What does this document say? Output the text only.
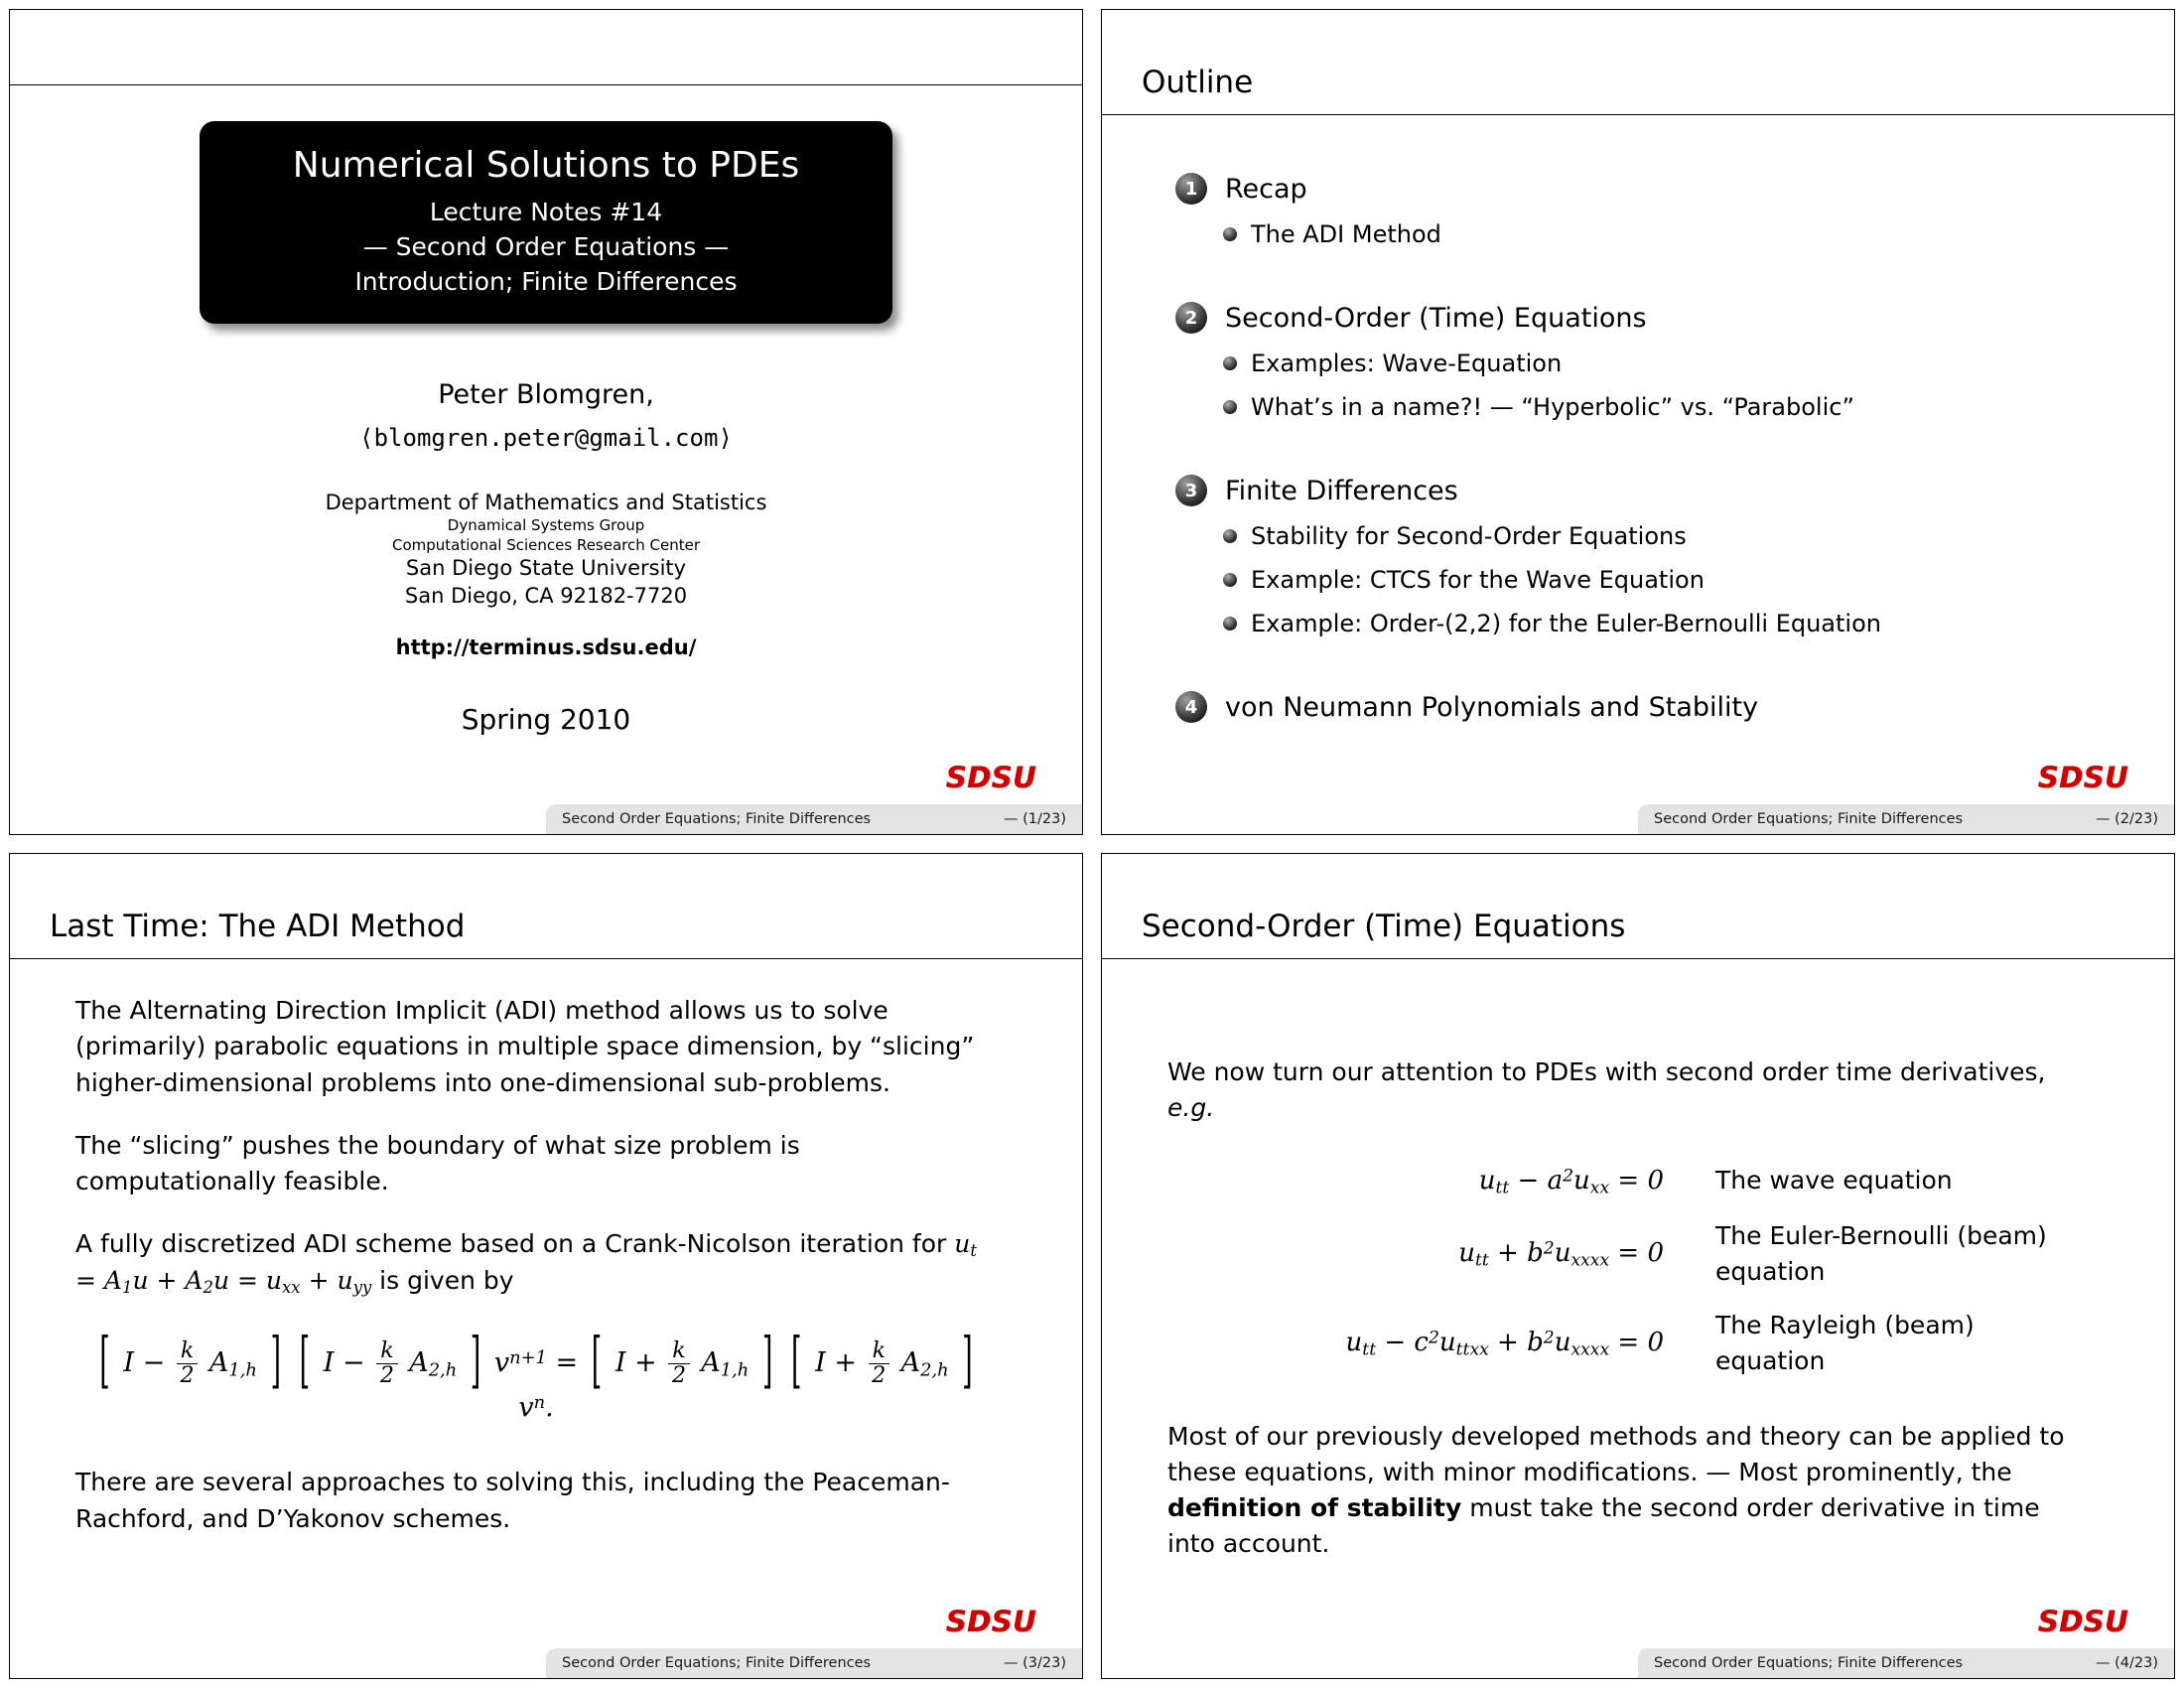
Numerical Solutions to PDEs
Lecture Notes #14
— Second Order Equations —
Introduction; Finite Differences
Peter Blomgren,
⟨blomgren.peter@gmail.com⟩
Department of Mathematics and Statistics
Dynamical Systems Group
Computational Sciences Research Center
San Diego State University
San Diego, CA 92182-7720
http://terminus.sdsu.edu/
Spring 2010
SDSU
Second Order Equations; Finite Differences	— (1/23)
Outline
1	Recap
The ADI Method
2	Second-Order (Time) Equations
Examples: Wave-Equation
What’s in a name?! — “Hyperbolic” vs. “Parabolic”
3	Finite Differences
Stability for Second-Order Equations
Example: CTCS for the Wave Equation
Example: Order-(2,2) for the Euler-Bernoulli Equation
4	von Neumann Polynomials and Stability
SDSU
Second Order Equations; Finite Differences	— (2/23)
Last Time: The ADI Method

The Alternating Direction Implicit (ADI) method allows us to solve (primarily) parabolic equations in multiple space dimension, by “slicing” higher-dimensional problems into one-dimensional sub-problems.

The “slicing” pushes the boundary of what size problem is computationally feasible.

A fully discretized ADI scheme based on a Crank-Nicolson iteration for $u_t = A_1u + A_2u = u_{xx} + u_{yy}$ is given by

[ $I - \frac{k}{2} A_{1,h}$ ] [ $I - \frac{k}{2} A_{2,h}$ ] $v^{n+1}$ = [ $I + \frac{k}{2} A_{1,h}$ ] [ $I + \frac{k}{2} A_{2,h}$ ] $v^n$.

There are several approaches to solving this, including the Peaceman-Rachford, and D’Yakonov schemes.

SDSU
Second Order Equations; Finite Differences	— (3/23)
Second-Order (Time) Equations

We now turn our attention to PDEs with second order time derivatives, e.g.

$u_{tt} - a^2u_{xx} = 0$	The wave equation
$u_{tt} + b^2u_{xxxx} = 0$	The Euler-Bernoulli (beam) equation
$u_{tt} - c^2u_{ttxx} + b^2u_{xxxx} = 0$	The Rayleigh (beam) equation

Most of our previously developed methods and theory can be applied to these equations, with minor modifications. — Most prominently, the definition of stability must take the second order derivative in time into account.

SDSU
Second Order Equations; Finite Differences	— (4/23)
